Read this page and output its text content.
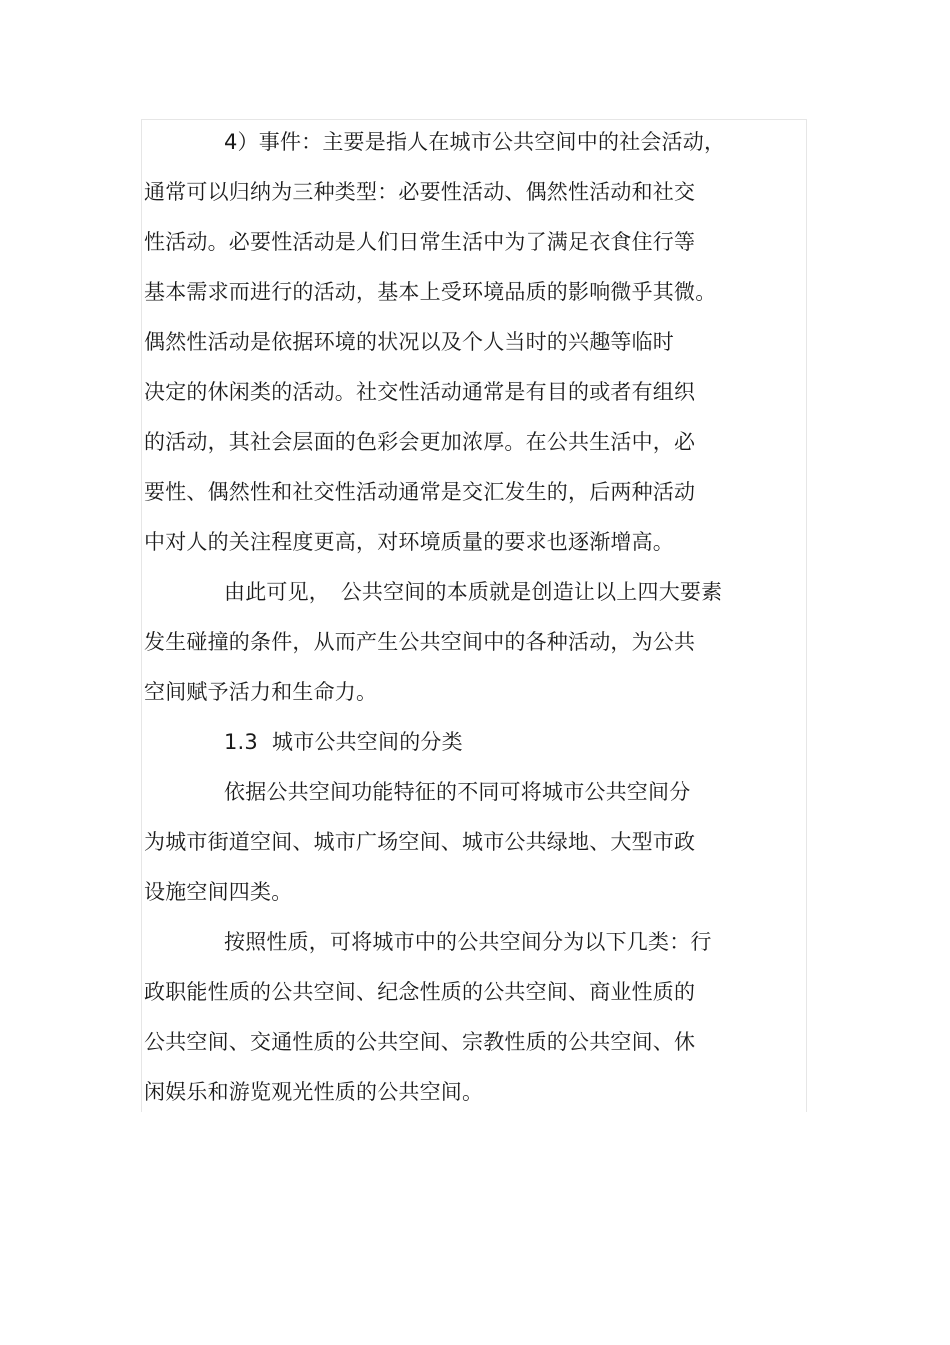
4）事件：主要是指人在城市公共空间中的社会活动，
通常可以归纳为三种类型：必要性活动、偶然性活动和社交
性活动。必要性活动是人们日常生活中为了满足衣食住行等
基本需求而进行的活动，基本上受环境品质的影响微乎其微。
偶然性活动是依据环境的状况以及个人当时的兴趣等临时
决定的休闲类的活动。社交性活动通常是有目的或者有组织
的活动，其社会层面的色彩会更加浓厚。在公共生活中，必
要性、偶然性和社交性活动通常是交汇发生的，后两种活动
中对人的关注程度更高，对环境质量的要求也逐渐增高。
由此可见，　公共空间的本质就是创造让以上四大要素
发生碰撞的条件，从而产生公共空间中的各种活动，为公共
空间赋予活力和生命力。
1.3 城市公共空间的分类
依据公共空间功能特征的不同可将城市公共空间分
为城市街道空间、城市广场空间、城市公共绿地、大型市政
设施空间四类。
按照性质，可将城市中的公共空间分为以下几类：行
政职能性质的公共空间、纪念性质的公共空间、商业性质的
公共空间、交通性质的公共空间、宗教性质的公共空间、休
闲娱乐和游览观光性质的公共空间。
